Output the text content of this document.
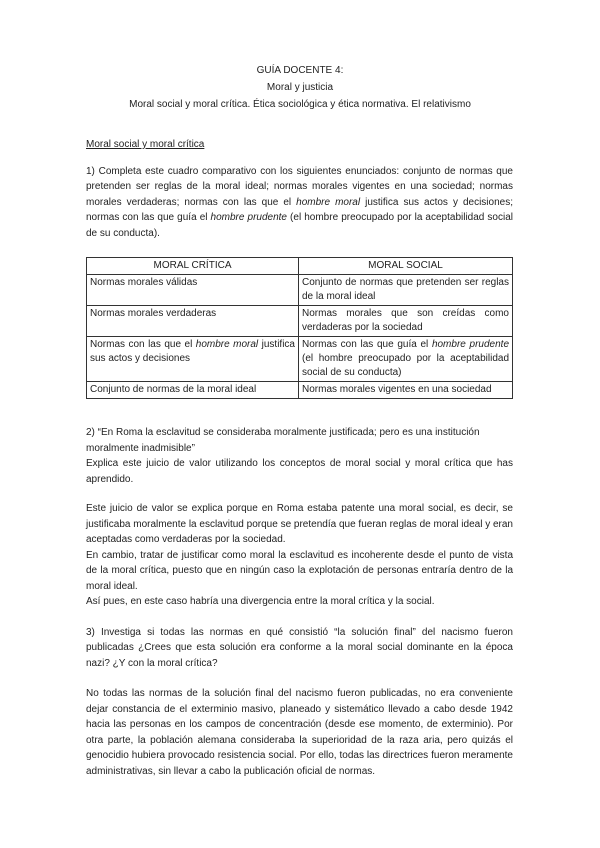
GUÍA DOCENTE 4:
Moral y justicia
Moral social y moral crítica. Ética sociológica y ética normativa. El relativismo
Moral social y moral crítica
1) Completa este cuadro comparativo con los siguientes enunciados: conjunto de normas que pretenden ser reglas de la moral ideal; normas morales vigentes en una sociedad; normas morales verdaderas; normas con las que el hombre moral justifica sus actos y decisiones; normas con las que guía el hombre prudente (el hombre preocupado por la aceptabilidad social de su conducta).
MORAL CRÍTICA	MORAL SOCIAL
Normas morales válidas	Conjunto de normas que pretenden ser reglas de la moral ideal
Normas morales verdaderas	Normas morales que son creídas como verdaderas por la sociedad
Normas con las que el hombre moral justifica sus actos y decisiones	Normas con las que guía el hombre prudente (el hombre preocupado por la aceptabilidad social de su conducta)
Conjunto de normas de la moral ideal	Normas morales vigentes en una sociedad
2) “En Roma la esclavitud se consideraba moralmente justificada; pero es una institución moralmente inadmisible”
Explica este juicio de valor utilizando los conceptos de moral social y moral crítica que has aprendido.
Este juicio de valor se explica porque en Roma estaba patente una moral social, es decir, se justificaba moralmente la esclavitud porque se pretendía que fueran reglas de moral ideal y eran aceptadas como verdaderas por la sociedad.
En cambio, tratar de justificar como moral la esclavitud es incoherente desde el punto de vista de la moral crítica, puesto que en ningún caso la explotación de personas entraría dentro de la moral ideal.
Así pues, en este caso habría una divergencia entre la moral crítica y la social.
3) Investiga si todas las normas en qué consistió “la solución final” del nacismo fueron publicadas ¿Crees que esta solución era conforme a la moral social dominante en la época nazi? ¿Y con la moral crítica?
No todas las normas de la solución final del nacismo fueron publicadas, no era conveniente dejar constancia de el exterminio masivo, planeado y sistemático llevado a cabo desde 1942 hacia las personas en los campos de concentración (desde ese momento, de exterminio). Por otra parte, la población alemana consideraba la superioridad de la raza aria, pero quizás el genocidio hubiera provocado resistencia social. Por ello, todas las directrices fueron meramente administrativas, sin llevar a cabo la publicación oficial de normas.
